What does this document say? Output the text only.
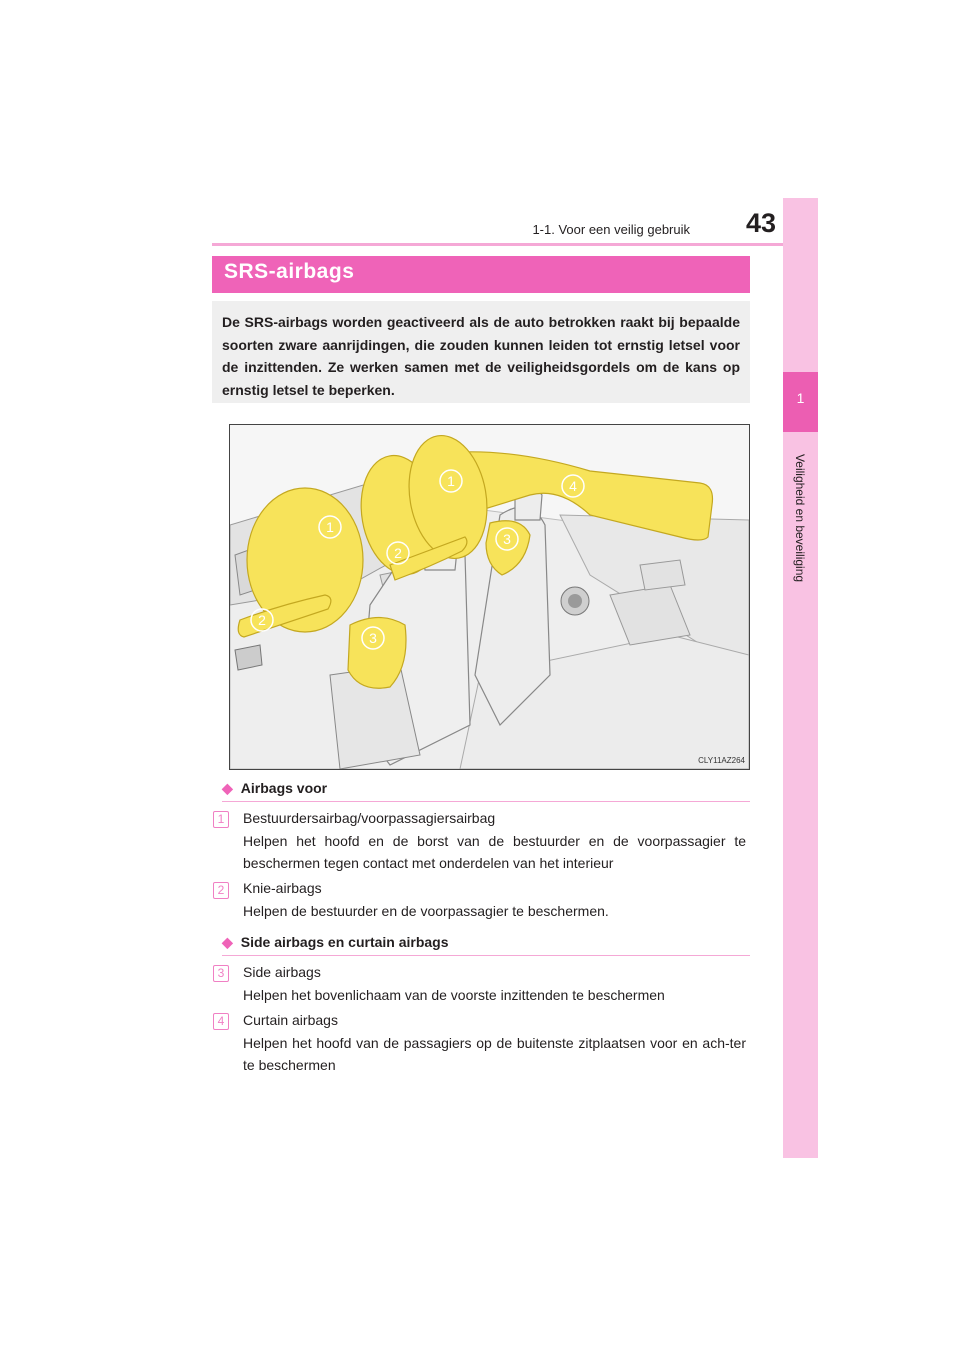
1-1. Voor een veilig gebruik 43
1
Veiligheid en beveiliging
SRS-airbags
De SRS-airbags worden geactiveerd als de auto betrokken raakt bij bepaalde soorten zware aanrijdingen, die zouden kunnen leiden tot ernstig letsel voor de inzittenden. Ze werken samen met de veiligheidsgordels om de kans op ernstig letsel te beperken.
1
1
2
2
3
3
4
CLY11AZ264
◆ Airbags voor
1	Bestuurdersairbag/voorpassagiersairbag
Helpen het hoofd en de borst van de bestuurder en de voorpassagier te beschermen tegen contact met onderdelen van het interieur
2	Knie-airbags
Helpen de bestuurder en de voorpassagier te beschermen.
◆ Side airbags en curtain airbags
3	Side airbags
Helpen het bovenlichaam van de voorste inzittenden te beschermen
4	Curtain airbags
Helpen het hoofd van de passagiers op de buitenste zitplaatsen voor en ach-ter te beschermen
